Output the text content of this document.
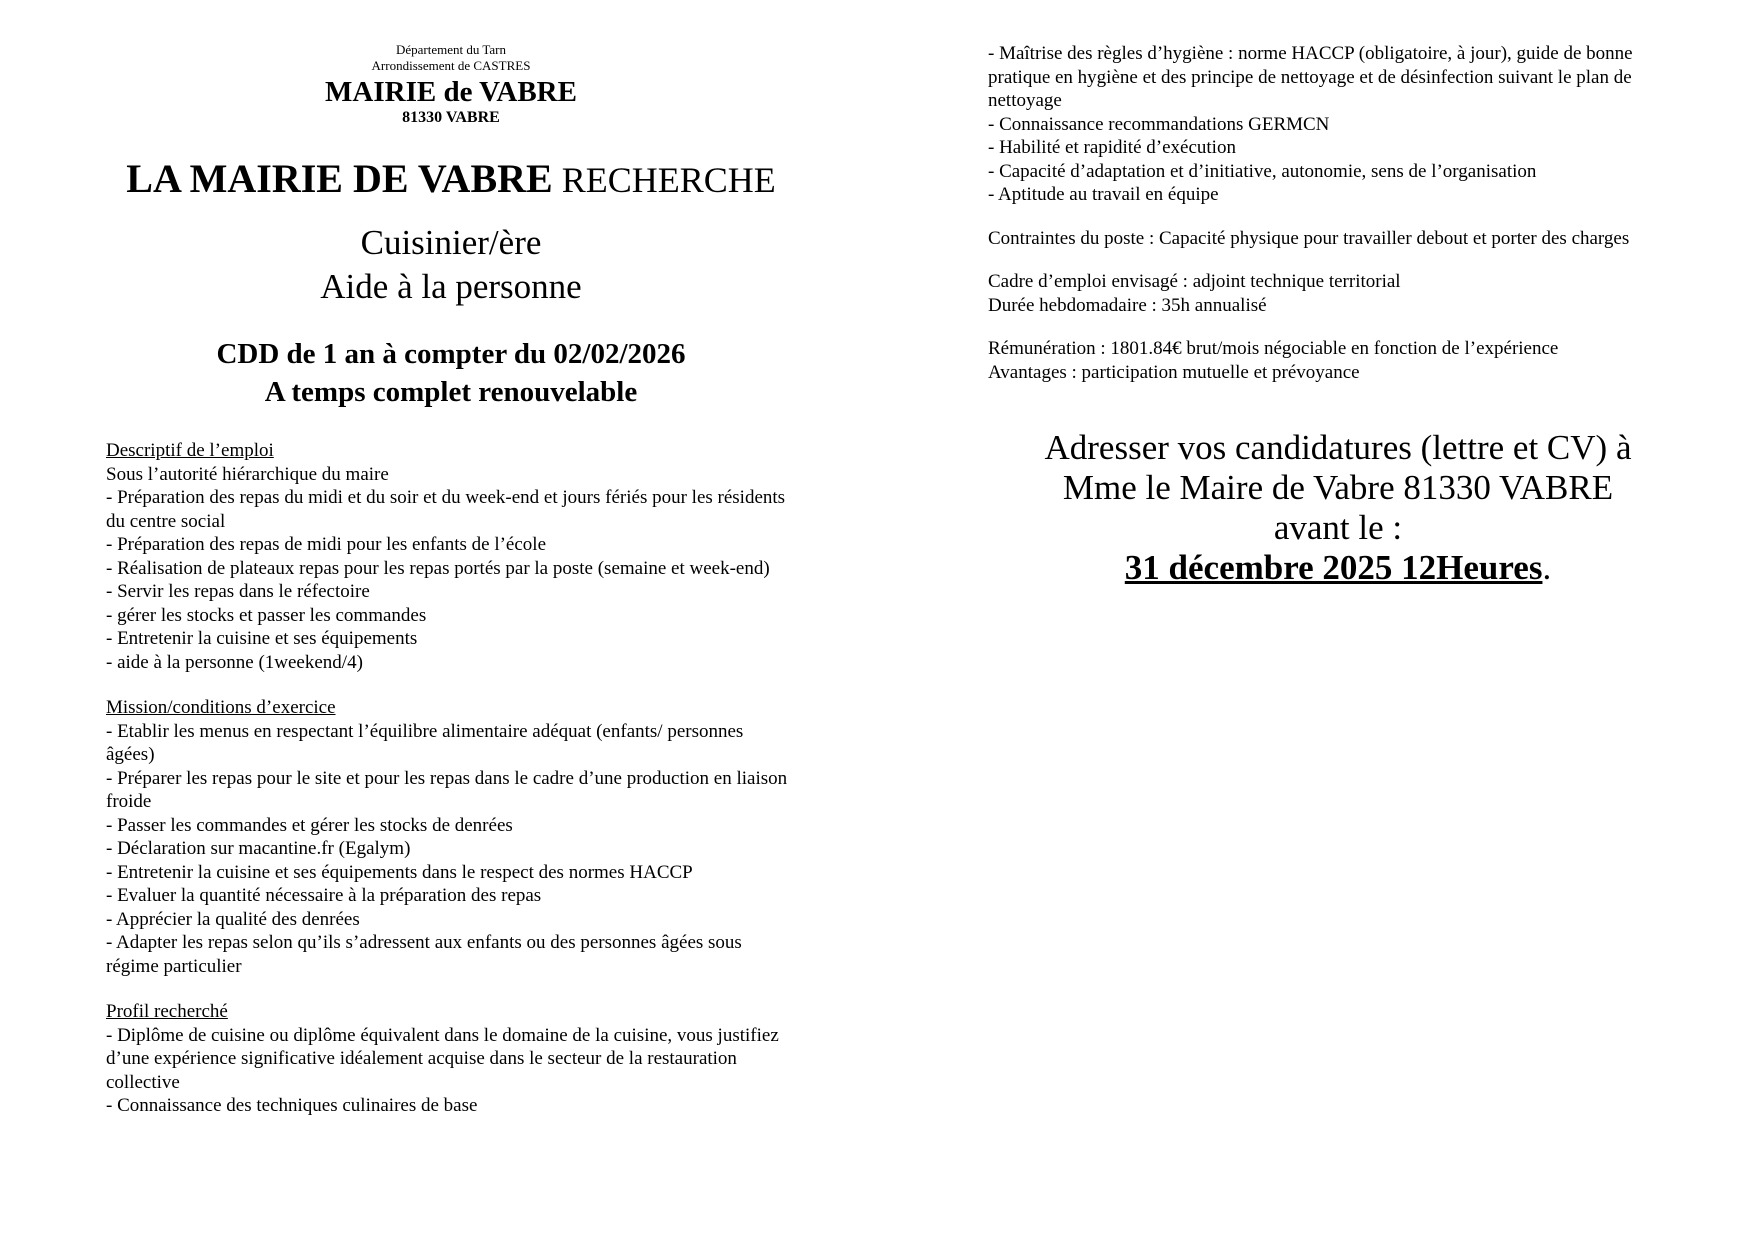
Département du Tarn
Arrondissement de CASTRES
MAIRIE de VABRE
81330 VABRE
LA MAIRIE DE VABRE RECHERCHE
Cuisinier/ère
Aide à la personne
CDD de 1 an à compter du 02/02/2026
A temps complet renouvelable
Descriptif de l’emploi
Sous l’autorité hiérarchique du maire
- Préparation des repas du midi et du soir et du week-end et jours fériés pour les résidents du centre social
- Préparation des repas de midi pour les enfants de l’école
- Réalisation de plateaux repas pour les repas portés par la poste (semaine et week-end)
- Servir les repas dans le réfectoire
- gérer les stocks et passer les commandes
- Entretenir la cuisine et ses équipements
- aide à la personne (1weekend/4)
Mission/conditions d’exercice
- Etablir les menus en respectant l’équilibre alimentaire adéquat (enfants/ personnes âgées)
- Préparer les repas pour le site et pour les repas dans le cadre d’une production en liaison froide
- Passer les commandes et gérer les stocks de denrées
- Déclaration sur macantine.fr (Egalym)
- Entretenir la cuisine et ses équipements dans le respect des normes HACCP
- Evaluer la quantité nécessaire à la préparation des repas
- Apprécier la qualité des denrées
- Adapter les repas selon qu’ils s’adressent aux enfants ou des personnes âgées sous régime particulier
Profil recherché
- Diplôme de cuisine ou diplôme équivalent dans le domaine de la cuisine, vous justifiez d’une expérience significative idéalement acquise dans le secteur de la restauration collective
- Connaissance des techniques culinaires de base
- Maîtrise des règles d’hygiène : norme HACCP (obligatoire, à jour), guide de bonne pratique en hygiène et des principe de nettoyage et de désinfection suivant le plan de nettoyage
- Connaissance recommandations GERMCN
- Habilité et rapidité d’exécution
- Capacité d’adaptation et d’initiative, autonomie, sens de l’organisation
- Aptitude au travail en équipe
Contraintes du poste : Capacité physique pour travailler debout et porter des charges
Cadre d’emploi envisagé : adjoint technique territorial
Durée hebdomadaire : 35h annualisé
Rémunération : 1801.84€ brut/mois négociable en fonction de l’expérience
Avantages : participation mutuelle et prévoyance
Adresser vos candidatures (lettre et CV) à
Mme le Maire de Vabre 81330 VABRE
avant le :
31 décembre 2025 12Heures.
